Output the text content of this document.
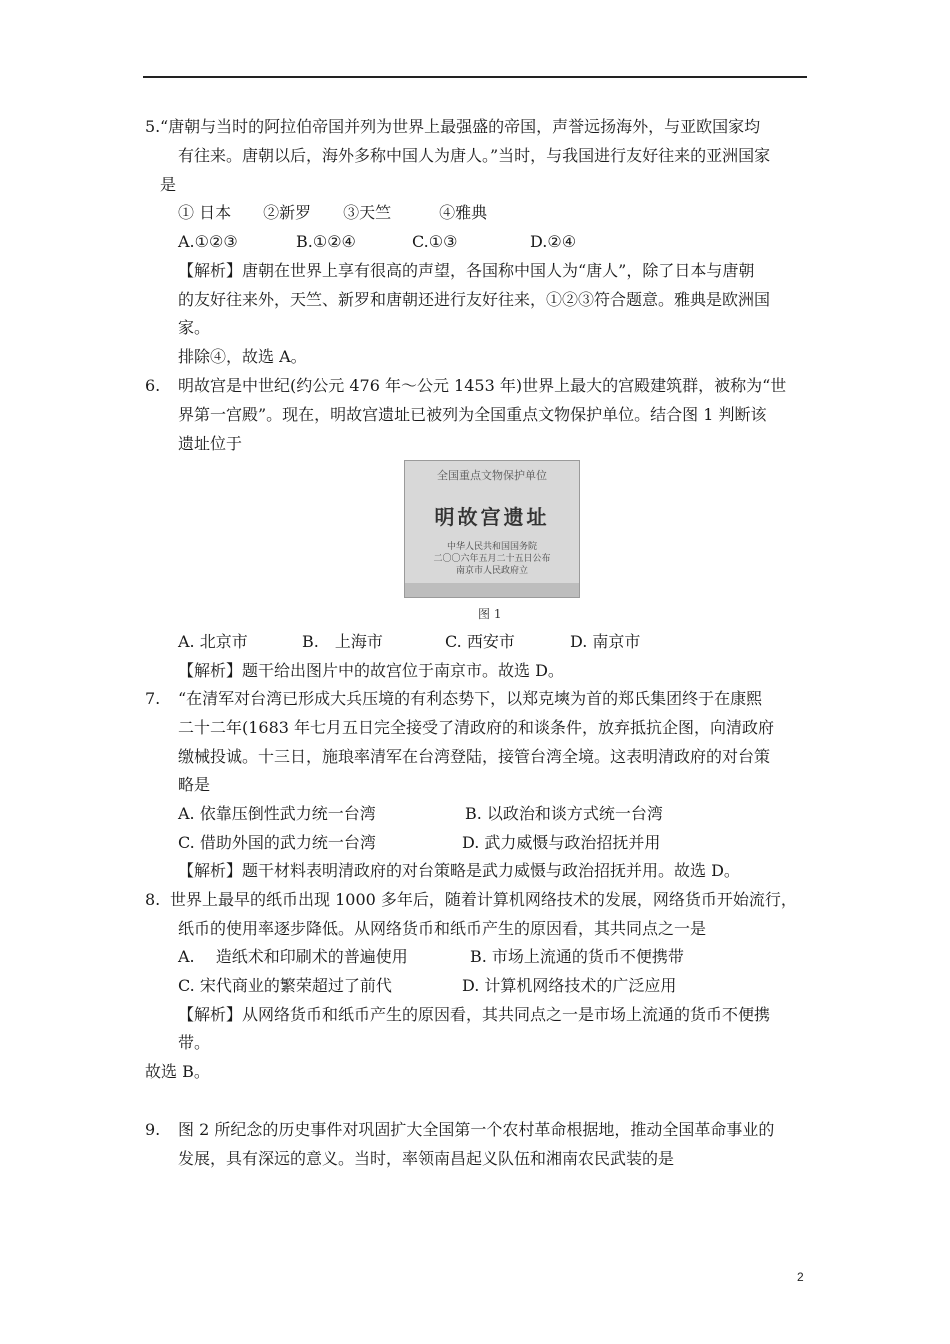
5. “唐朝与当时的阿拉伯帝国并列为世界上最强盛的帝国，声誉远扬海外，与亚欧国家均
有往来。唐朝以后，海外多称中国人为唐人。”当时，与我国进行友好往来的亚洲国家
是
① 日本　　②新罗　　③天竺　　　④雅典
A.①②③	B.①②④	C.①③	D.②④
【解析】唐朝在世界上享有很高的声望，各国称中国人为“唐人”，除了日本与唐朝
的友好往来外，天竺、新罗和唐朝还进行友好往来，①②③符合题意。雅典是欧洲国
家。
排除④，故选 A。
6. 明故宫是中世纪(约公元 476 年～公元 1453 年)世界上最大的宫殿建筑群，被称为“世
界第一宫殿”。现在，明故宫遗址已被列为全国重点文物保护单位。结合图 1 判断该
遗址位于
全国重点文物保护单位
明故宫遗址
中华人民共和国国务院
二〇〇六年五月二十五日公布
南京市人民政府立
图 1
A. 北京市	B.　上海市	C. 西安市	D. 南京市
【解析】题干给出图片中的故宫位于南京市。故选 D。
7. “在清军对台湾已形成大兵压境的有利态势下，以郑克塽为首的郑氏集团终于在康熙
二十二年(1683 年七月五日完全接受了清政府的和谈条件，放弃抵抗企图，向清政府
缴械投诚。十三日，施琅率清军在台湾登陆，接管台湾全境。这表明清政府的对台策
略是
A. 依靠压倒性武力统一台湾	B. 以政治和谈方式统一台湾
C. 借助外国的武力统一台湾	D. 武力威慑与政治招抚并用
【解析】题干材料表明清政府的对台策略是武力威慑与政治招抚并用。故选 D。
8. 世界上最早的纸币出现 1000 多年后，随着计算机网络技术的发展，网络货币开始流行，
纸币的使用率逐步降低。从网络货币和纸币产生的原因看，其共同点之一是
A.　 造纸术和印刷术的普遍使用	B. 市场上流通的货币不便携带
C. 宋代商业的繁荣超过了前代	D. 计算机网络技术的广泛应用
【解析】从网络货币和纸币产生的原因看，其共同点之一是市场上流通的货币不便携
带。
故选 B。
9. 图 2 所纪念的历史事件对巩固扩大全国第一个农村革命根据地，推动全国革命事业的
发展，具有深远的意义。当时，率领南昌起义队伍和湘南农民武装的是
2
